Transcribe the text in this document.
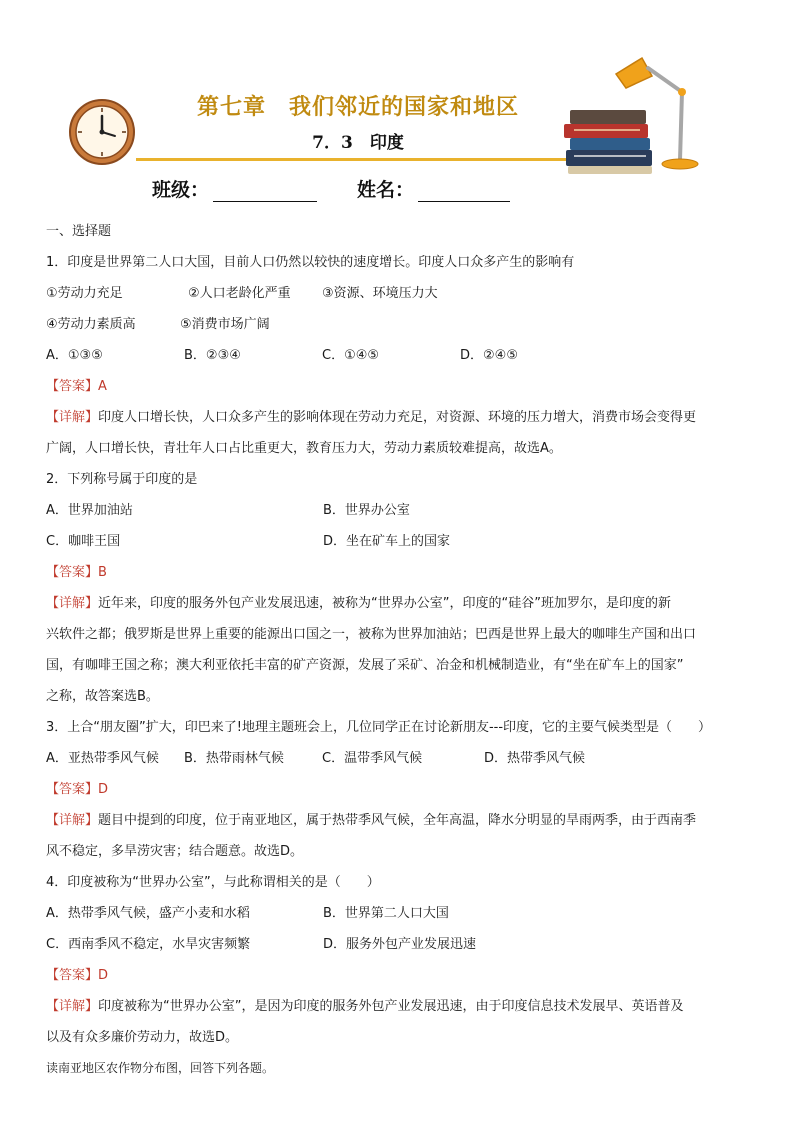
第七章　我们邻近的国家和地区
7．3　印度
班级：	姓名：

一、选择题

1．印度是世界第二人口大国，目前人口仍然以较快的速度增长。印度人口众多产生的影响有

①劳动力充足	②人口老龄化严重	③资源、环境压力大
④劳动力素质高	⑤消费市场广阔
A．①③⑤	B．②③④	C．①④⑤	D．②④⑤

【答案】A

【详解】印度人口增长快，人口众多产生的影响体现在劳动力充足，对资源、环境的压力增大，消费市场会变得更

广阔，人口增长快，青壮年人口占比重更大，教育压力大，劳动力素质较难提高，故选A。

2．下列称号属于印度的是

A．世界加油站	B．世界办公室
C．咖啡王国	D．坐在矿车上的国家

【答案】B

【详解】近年来，印度的服务外包产业发展迅速，被称为“世界办公室”，印度的“硅谷”班加罗尔，是印度的新

兴软件之都；俄罗斯是世界上重要的能源出口国之一，被称为世界加油站；巴西是世界上最大的咖啡生产国和出口

国，有咖啡王国之称；澳大利亚依托丰富的矿产资源，发展了采矿、冶金和机械制造业，有“坐在矿车上的国家”

之称，故答案选B。

3．上合“朋友圈”扩大，印巴来了!地理主题班会上，几位同学正在讨论新朋友---印度，它的主要气候类型是（　　）

A．亚热带季风气候	B．热带雨林气候	C．温带季风气候	D．热带季风气候

【答案】D

【详解】题目中提到的印度，位于南亚地区，属于热带季风气候，全年高温，降水分明显的旱雨两季，由于西南季

风不稳定，多旱涝灾害；结合题意。故选D。

4．印度被称为“世界办公室”，与此称谓相关的是（　　）

A．热带季风气候，盛产小麦和水稻	B．世界第二人口大国
C．西南季风不稳定，水旱灾害频繁	D．服务外包产业发展迅速

【答案】D

【详解】印度被称为“世界办公室”，是因为印度的服务外包产业发展迅速，由于印度信息技术发展早、英语普及

以及有众多廉价劳动力，故选D。

读南亚地区农作物分布图，回答下列各题。
